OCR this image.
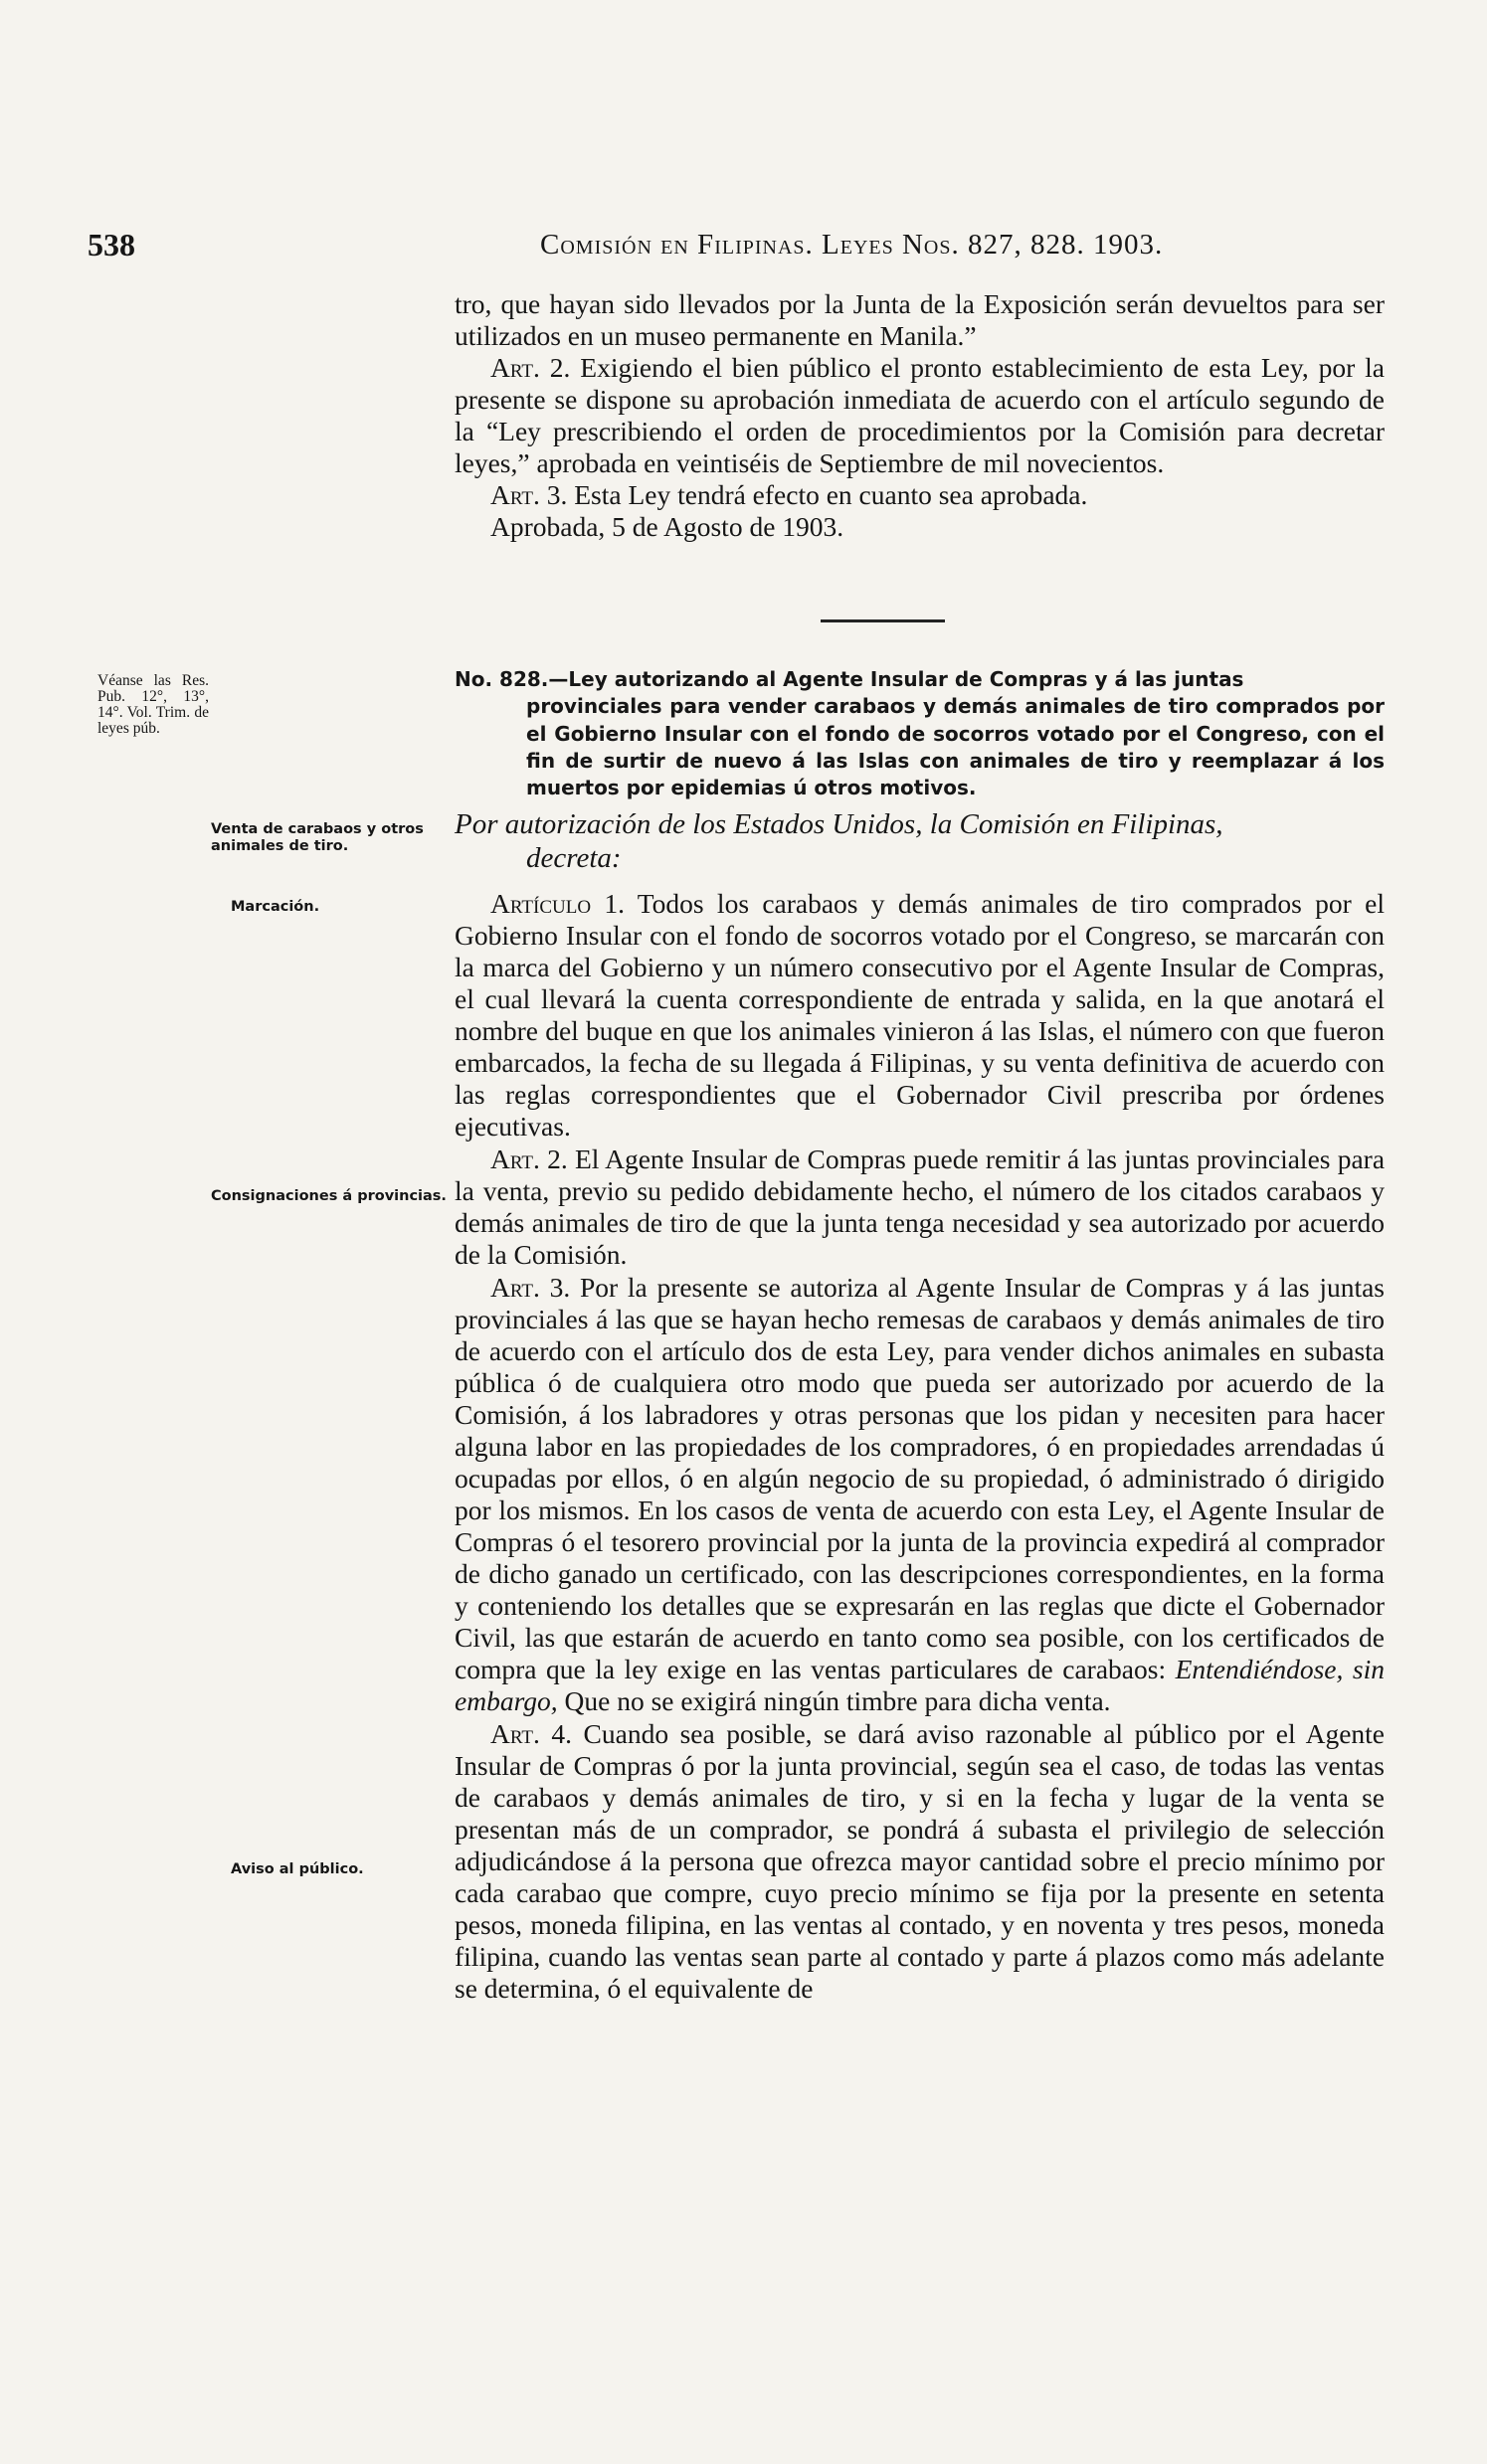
538	Comisión en Filipinas. Leyes Nos. 827, 828. 1903.

tro, que hayan sido llevados por la Junta de la Exposición serán devueltos para ser utilizados en un museo permanente en Manila.”

Art. 2. Exigiendo el bien público el pronto establecimiento de esta Ley, por la presente se dispone su aprobación inmediata de acuerdo con el artículo segundo de la “Ley prescribiendo el orden de procedimientos por la Comisión para decretar leyes,” aprobada en veintiséis de Septiembre de mil novecientos.

Art. 3. Esta Ley tendrá efecto en cuanto sea aprobada.

Aprobada, 5 de Agosto de 1903.

Véanse las Res. Pub. 12°, 13°, 14°. Vol. Trim. de leyes púb.
No. 828.—Ley autorizando al Agente Insular de Compras y á las juntas
provinciales para vender carabaos y demás animales de tiro comprados por el Gobierno Insular con el fondo de socorros votado por el Congreso, con el fin de surtir de nuevo á las Islas con animales de tiro y reemplazar á los muertos por epidemias ú otros motivos.
Venta de carabaos y otros animales de tiro.
Por autorización de los Estados Unidos, la Comisión en Filipinas,
decreta:
Marcación.
Consignaciones á provincias.
Aviso al público.

Artículo 1. Todos los carabaos y demás animales de tiro comprados por el Gobierno Insular con el fondo de socorros votado por el Congreso, se marcarán con la marca del Gobierno y un número consecutivo por el Agente Insular de Compras, el cual llevará la cuenta correspondiente de entrada y salida, en la que anotará el nombre del buque en que los animales vinieron á las Islas, el número con que fueron embarcados, la fecha de su llegada á Filipinas, y su venta definitiva de acuerdo con las reglas correspondientes que el Gobernador Civil prescriba por órdenes ejecutivas.

Art. 2. El Agente Insular de Compras puede remitir á las juntas provinciales para la venta, previo su pedido debidamente hecho, el número de los citados carabaos y demás animales de tiro de que la junta tenga necesidad y sea autorizado por acuerdo de la Comisión.

Art. 3. Por la presente se autoriza al Agente Insular de Compras y á las juntas provinciales á las que se hayan hecho remesas de carabaos y demás animales de tiro de acuerdo con el artículo dos de esta Ley, para vender dichos animales en subasta pública ó de cualquiera otro modo que pueda ser autorizado por acuerdo de la Comisión, á los labradores y otras personas que los pidan y necesiten para hacer alguna labor en las propiedades de los compradores, ó en propiedades arrendadas ú ocupadas por ellos, ó en algún negocio de su propiedad, ó administrado ó dirigido por los mismos. En los casos de venta de acuerdo con esta Ley, el Agente Insular de Compras ó el tesorero provincial por la junta de la provincia expedirá al comprador de dicho ganado un certificado, con las descripciones correspondientes, en la forma y conteniendo los detalles que se expresarán en las reglas que dicte el Gobernador Civil, las que estarán de acuerdo en tanto como sea posible, con los certificados de compra que la ley exige en las ventas particulares de carabaos: Entendiéndose, sin embargo, Que no se exigirá ningún timbre para dicha venta.

Art. 4. Cuando sea posible, se dará aviso razonable al público por el Agente Insular de Compras ó por la junta provincial, según sea el caso, de todas las ventas de carabaos y demás animales de tiro, y si en la fecha y lugar de la venta se presentan más de un comprador, se pondrá á subasta el privilegio de selección adjudicándose á la persona que ofrezca mayor cantidad sobre el precio mínimo por cada carabao que compre, cuyo precio mínimo se fija por la presente en setenta pesos, moneda filipina, en las ventas al contado, y en noventa y tres pesos, moneda filipina, cuando las ventas sean parte al contado y parte á plazos como más adelante se determina, ó el equivalente de
